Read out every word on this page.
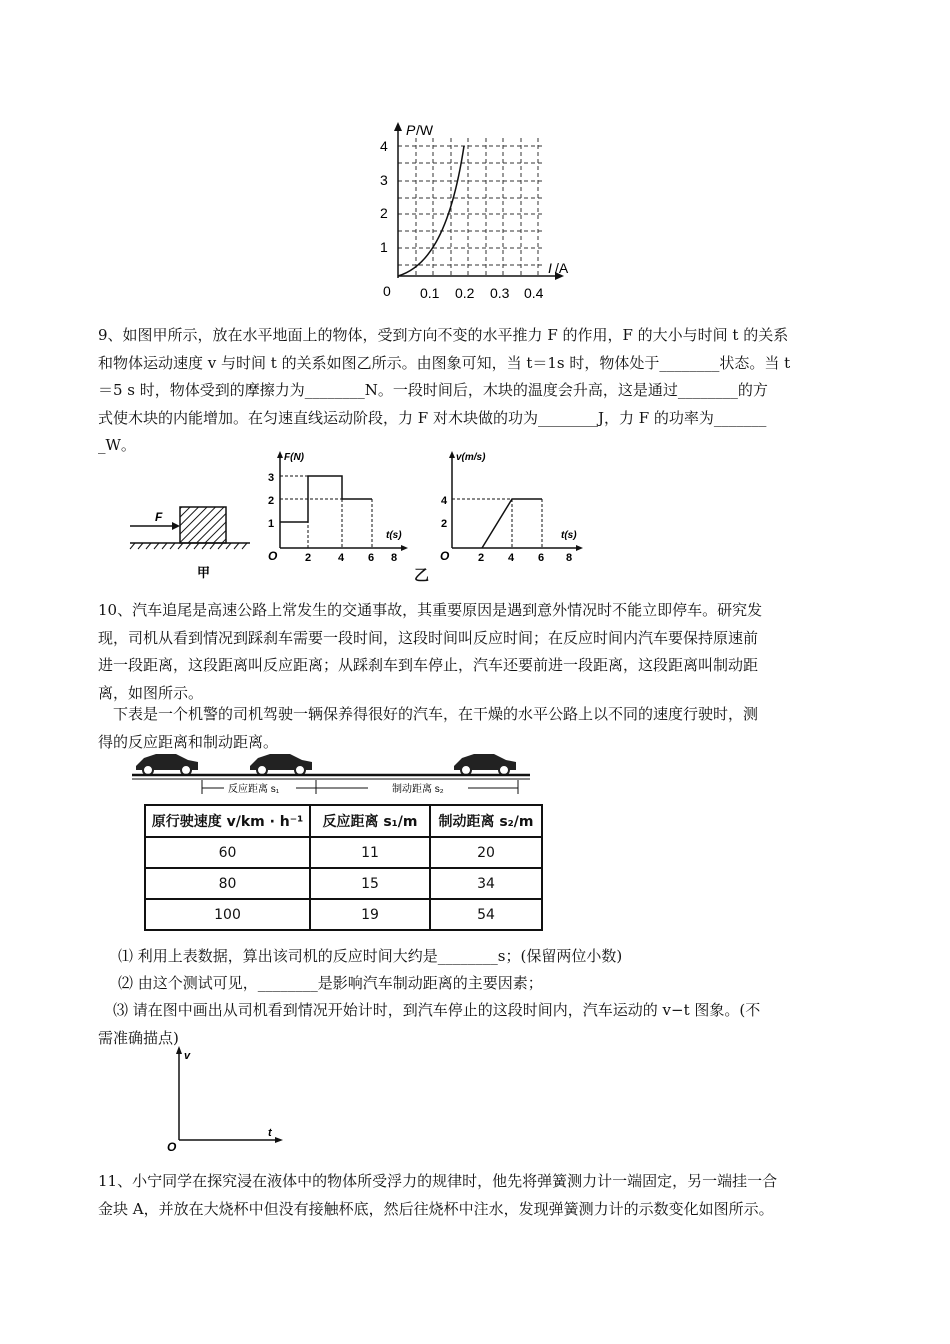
P /W
I /A
0
4
3
2
1
0.1 0.2 0.3 0.4
9、如图甲所示，放在水平地面上的物体，受到方向不变的水平推力 F 的作用，F 的大小与时间 t 的关系
和物体运动速度 v 与时间 t 的关系如图乙所示。由图象可知，当 t＝1s 时，物体处于________状态。当 t
＝5 s 时，物体受到的摩擦力为________N。一段时间后，木块的温度会升高，这是通过________的方
式使木块的内能增加。在匀速直线运动阶段，力 F 对木块做的功为________J，力 F 的功率为_______
_W。
F
甲
F(N)
t(s)
O
3
2
1
2 4 6 8
v(m/s)
t(s)
O
4
2
2 4 6 8
乙
10、汽车追尾是高速公路上常发生的交通事故，其重要原因是遇到意外情况时不能立即停车。研究发
现，司机从看到情况到踩刹车需要一段时间，这段时间叫反应时间；在反应时间内汽车要保持原速前
进一段距离，这段距离叫反应距离；从踩刹车到车停止，汽车还要前进一段距离，这段距离叫制动距
离，如图所示。
　下表是一个机警的司机驾驶一辆保养得很好的汽车，在干燥的水平公路上以不同的速度行驶时，测
得的反应距离和制动距离。
反应距离 s₁	制动距离 s₂
原行驶速度 v/km · h⁻¹	反应距离 s₁/m	制动距离 s₂/m
60	11	20
80	15	34
100	19	54
⑴ 利用上表数据，算出该司机的反应时间大约是________s；(保留两位小数)
⑵ 由这个测试可见，________是影响汽车制动距离的主要因素；
　⑶ 请在图中画出从司机看到情况开始计时，到汽车停止的这段时间内，汽车运动的 v−t 图象。(不
需准确描点)
v
t
O
11、小宁同学在探究浸在液体中的物体所受浮力的规律时，他先将弹簧测力计一端固定，另一端挂一合
金块 A，并放在大烧杯中但没有接触杯底，然后往烧杯中注水，发现弹簧测力计的示数变化如图所示。
